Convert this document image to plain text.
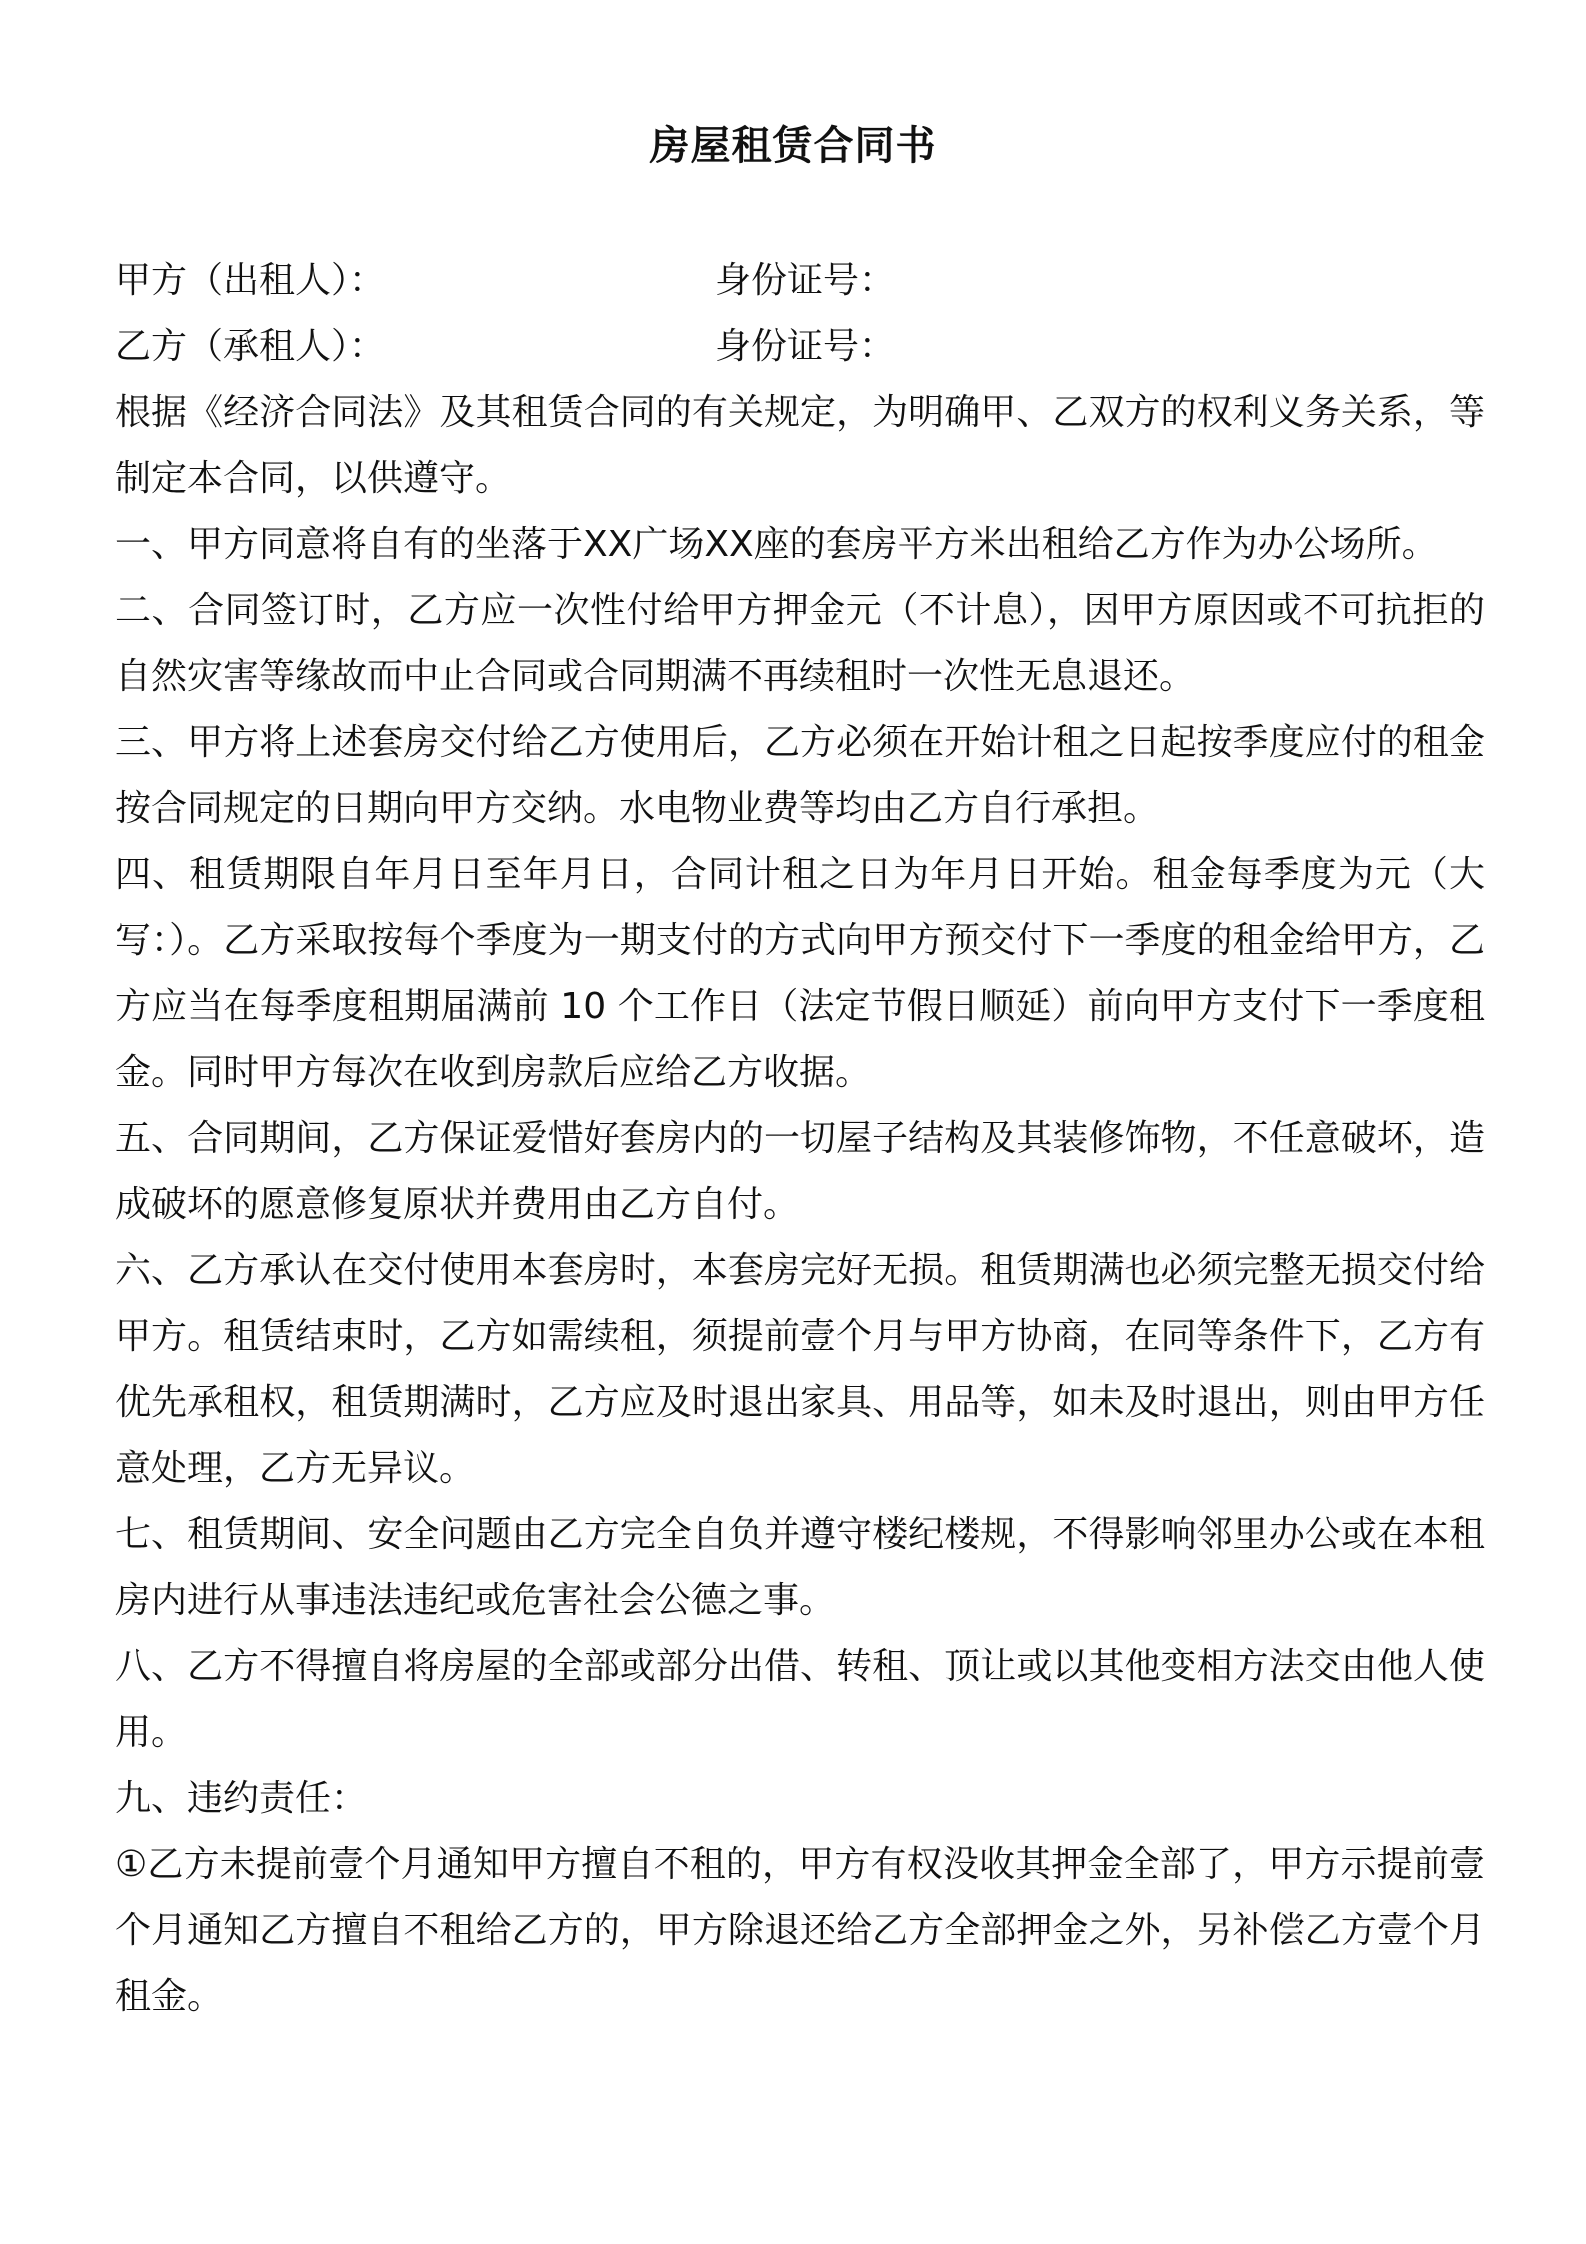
房屋租赁合同书
甲方（出租人）：	身份证号：
乙方（承租人）：	身份证号：

根据《经济合同法》及其租赁合同的有关规定，为明确甲、乙双方的权利义务关系，等制定本合同，以供遵守。

一、甲方同意将自有的坐落于XX广场XX座的套房平方米出租给乙方作为办公场所。

二、合同签订时，乙方应一次性付给甲方押金元（不计息），因甲方原因或不可抗拒的自然灾害等缘故而中止合同或合同期满不再续租时一次性无息退还。

三、甲方将上述套房交付给乙方使用后，乙方必须在开始计租之日起按季度应付的租金按合同规定的日期向甲方交纳。水电物业费等均由乙方自行承担。

四、租赁期限自年月日至年月日，合同计租之日为年月日开始。租金每季度为元（大写：）。乙方采取按每个季度为一期支付的方式向甲方预交付下一季度的租金给甲方，乙方应当在每季度租期届满前 10 个工作日（法定节假日顺延）前向甲方支付下一季度租金。同时甲方每次在收到房款后应给乙方收据。

五、合同期间，乙方保证爱惜好套房内的一切屋子结构及其装修饰物，不任意破坏，造成破坏的愿意修复原状并费用由乙方自付。

六、乙方承认在交付使用本套房时，本套房完好无损。租赁期满也必须完整无损交付给甲方。租赁结束时，乙方如需续租，须提前壹个月与甲方协商，在同等条件下，乙方有优先承租权，租赁期满时，乙方应及时退出家具、用品等，如未及时退出，则由甲方任意处理，乙方无异议。

七、租赁期间、安全问题由乙方完全自负并遵守楼纪楼规，不得影响邻里办公或在本租房内进行从事违法违纪或危害社会公德之事。

八、乙方不得擅自将房屋的全部或部分出借、转租、顶让或以其他变相方法交由他人使用。

九、违约责任：

①乙方未提前壹个月通知甲方擅自不租的，甲方有权没收其押金全部了，甲方示提前壹个月通知乙方擅自不租给乙方的，甲方除退还给乙方全部押金之外，另补偿乙方壹个月租金。
